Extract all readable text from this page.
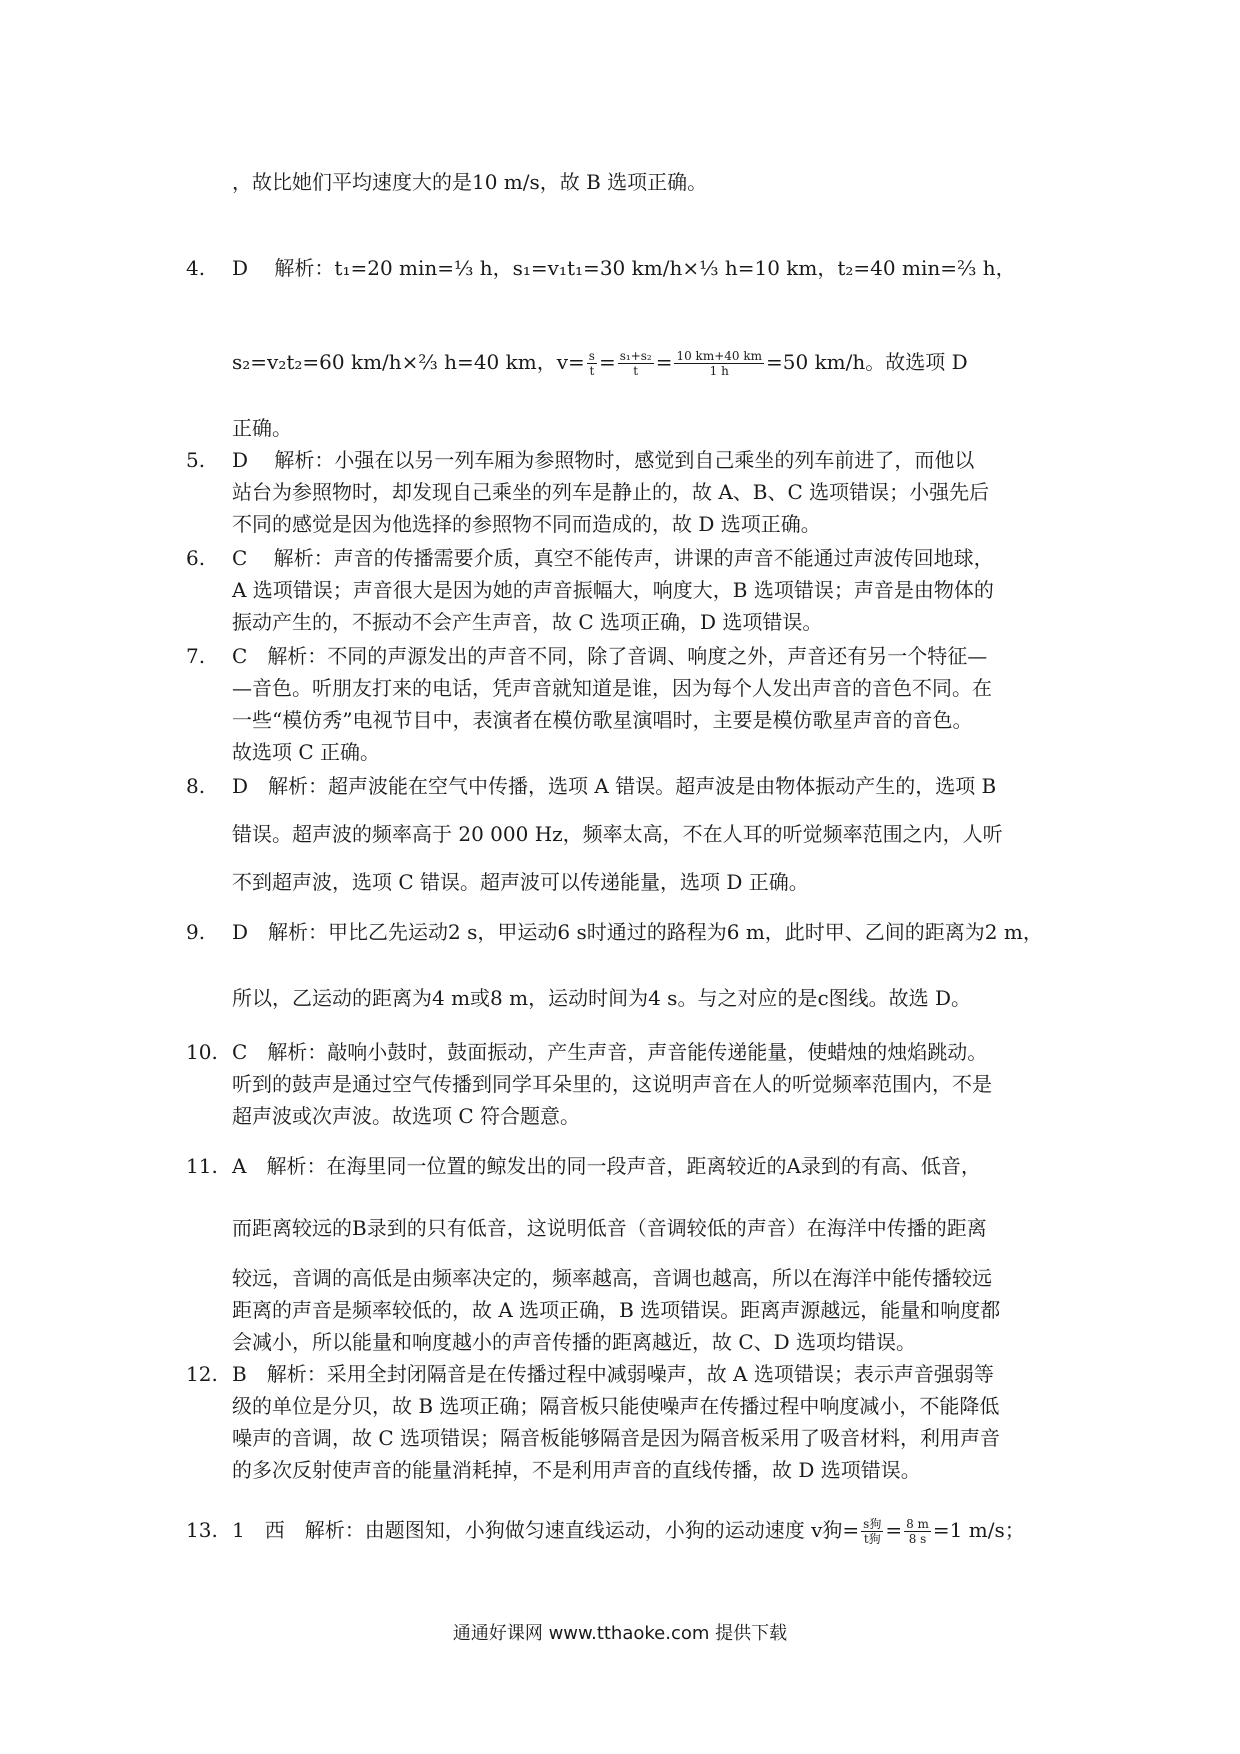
，故比她们平均速度大的是10 m/s，故 B 选项正确。
4. D　 解析：t₁=20 min=⅓ h，s₁=v₁t₁=30 km/h×⅓ h=10 km，t₂=40 min=⅔ h，
s₂=v₂t₂=60 km/h×⅔ h=40 km，$v= \frac{s}{t} = \frac{\text{s₁+s₂}}{t} = \frac{10 km+40 km}{1 h} =50$ km/h。故选项 D
正确。
5. D　 解析：小强在以另一列车厢为参照物时，感觉到自己乘坐的列车前进了，而他以
站台为参照物时，却发现自己乘坐的列车是静止的，故 A、B、C 选项错误；小强先后
不同的感觉是因为他选择的参照物不同而造成的，故 D 选项正确。
6. C　 解析：声音的传播需要介质，真空不能传声，讲课的声音不能通过声波传回地球，
A 选项错误；声音很大是因为她的声音振幅大，响度大，B 选项错误；声音是由物体的
振动产生的，不振动不会产生声音，故 C 选项正确，D 选项错误。
7. C　 解析：不同的声源发出的声音不同，除了音调、响度之外，声音还有另一个特征—
—音色。听朋友打来的电话，凭声音就知道是谁，因为每个人发出声音的音色不同。在
一些“模仿秀”电视节目中，表演者在模仿歌星演唱时，主要是模仿歌星声音的音色。
故选项 C 正确。
8. D　 解析：超声波能在空气中传播，选项 A 错误。超声波是由物体振动产生的，选项 B
错误。超声波的频率高于 20 000 Hz，频率太高，不在人耳的听觉频率范围之内，人听
不到超声波，选项 C 错误。超声波可以传递能量，选项 D 正确。
9. D　 解析：甲比乙先运动2 s，甲运动6 s时通过的路程为6 m，此时甲、乙间的距离为2 m，
所以，乙运动的距离为4 m或8 m，运动时间为4 s。与之对应的是c图线。故选 D。
10. C　 解析：敲响小鼓时，鼓面振动，产生声音，声音能传递能量，使蜡烛的烛焰跳动。
听到的鼓声是通过空气传播到同学耳朵里的，这说明声音在人的听觉频率范围内，不是
超声波或次声波。故选项 C 符合题意。
11. A　 解析：在海里同一位置的鲸发出的同一段声音，距离较近的A录到的有高、低音，
而距离较远的B录到的只有低音，这说明低音（音调较低的声音）在海洋中传播的距离
较远，音调的高低是由频率决定的，频率越高，音调也越高，所以在海洋中能传播较远
距离的声音是频率较低的，故 A 选项正确，B 选项错误。距离声源越远，能量和响度都
会减小，所以能量和响度越小的声音传播的距离越近，故 C、D 选项均错误。
12. B　 解析：采用全封闭隔音是在传播过程中减弱噪声，故 A 选项错误；表示声音强弱等
级的单位是分贝，故 B 选项正确；隔音板只能使噪声在传播过程中响度减小，不能降低
噪声的音调，故 C 选项错误；隔音板能够隔音是因为隔音板采用了吸音材料，利用声音
的多次反射使声音的能量消耗掉，不是利用声音的直线传播，故 D 选项错误。
13. 1　西　 解析：由题图知，小狗做匀速直线运动，小狗的运动速度 v狗= $\frac{\text{s狗}}{\text{t狗}} = \frac{8 m}{8 s} =1$ m/s；
通通好课网 www.tthaoke.com 提供下载
